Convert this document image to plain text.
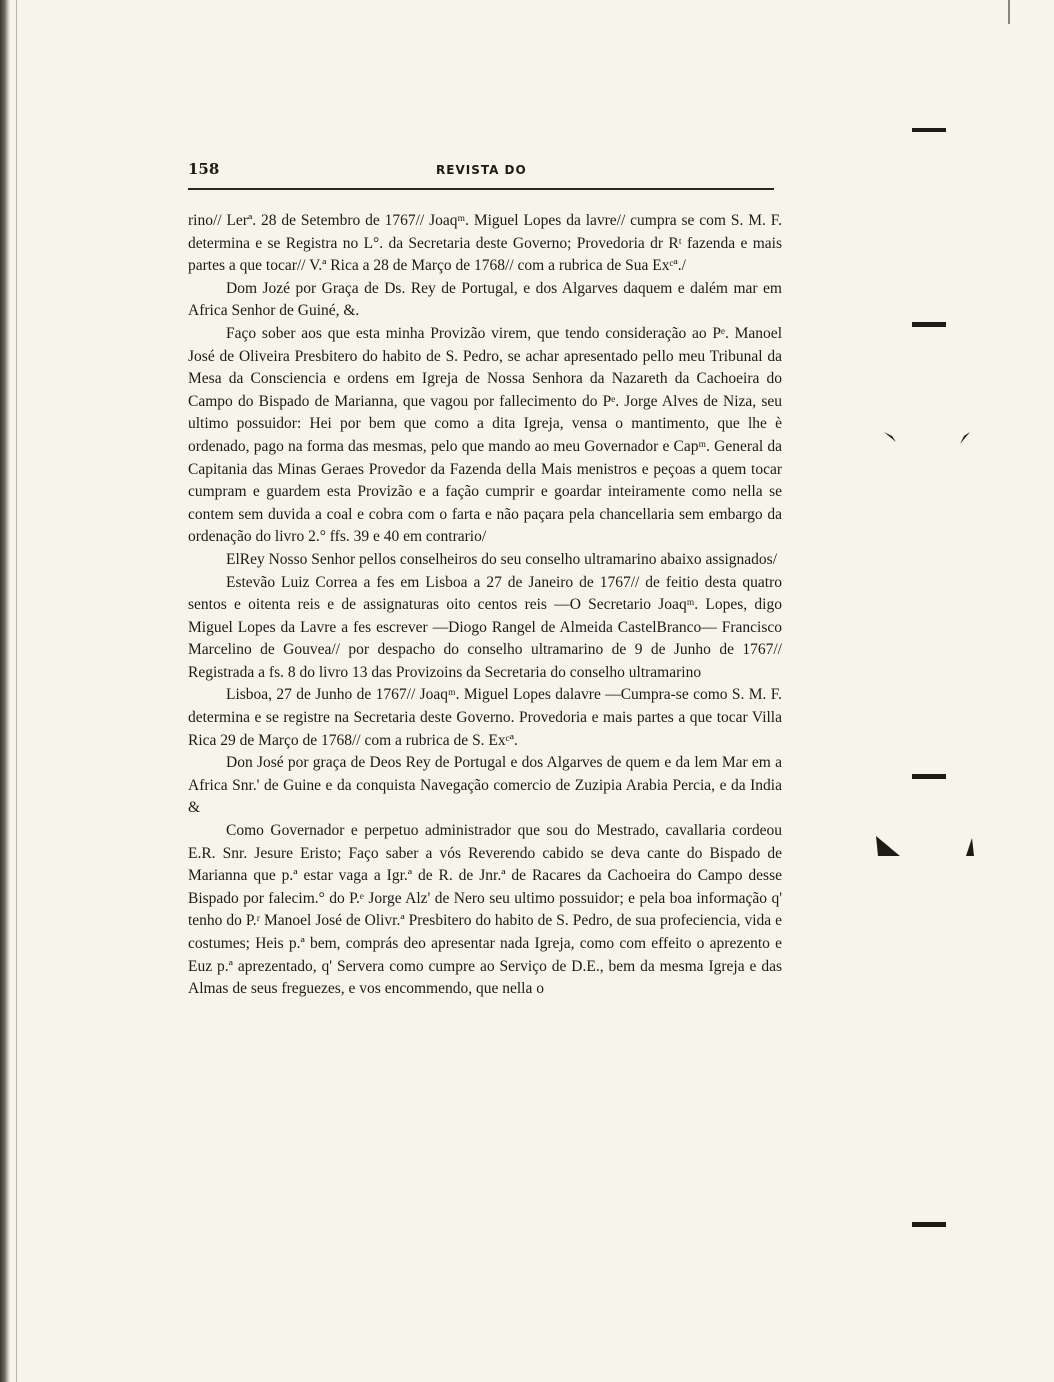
158	REVISTA DO

rino// Lerª. 28 de Setembro de 1767// Joaqᵐ. Miguel Lopes da lavre// cumpra se com S. M. F. determina e se Registra no L°. da Secretaria deste Governo; Provedoria dr Rᵗ fazenda e mais partes a que tocar// V.ª Rica a 28 de Março de 1768// com a rubrica de Sua Exᶜª./

Dom Jozé por Graça de Ds. Rey de Portugal, e dos Algarves daquem e dalém mar em Africa Senhor de Guiné, &.

Faço sober aos que esta minha Provizão virem, que tendo consideração ao Pᵉ. Manoel José de Oliveira Presbitero do habito de S. Pedro, se achar apresentado pello meu Tribunal da Mesa da Consciencia e ordens em Igreja de Nossa Senhora da Nazareth da Cachoeira do Campo do Bispado de Marianna, que vagou por fallecimento do Pᵉ. Jorge Alves de Niza, seu ultimo possuidor: Hei por bem que como a dita Igreja, vensa o mantimento, que lhe è ordenado, pago na forma das mesmas, pelo que mando ao meu Governador e Capᵐ. General da Capitania das Minas Geraes Provedor da Fazenda della Mais menistros e peçoas a quem tocar cumpram e guardem esta Provizão e a fação cumprir e goardar inteiramente como nella se contem sem duvida a coal e cobra com o farta e não paçara pela chancellaria sem embargo da ordenação do livro 2.° ffs. 39 e 40 em contrario/

ElRey Nosso Senhor pellos conselheiros do seu conselho ultramarino abaixo assignados/

Estevão Luiz Correa a fes em Lisboa a 27 de Janeiro de 1767// de feitio desta quatro sentos e oitenta reis e de assignaturas oito centos reis —O Secretario Joaqᵐ. Lopes, digo Miguel Lopes da Lavre a fes escrever —Diogo Rangel de Almeida CastelBranco— Francisco Marcelino de Gouvea// por despacho do conselho ultramarino de 9 de Junho de 1767// Registrada a fs. 8 do livro 13 das Provizoins da Secretaria do conselho ultramarino

Lisboa, 27 de Junho de 1767// Joaqᵐ. Miguel Lopes dalavre —Cumpra-se como S. M. F. determina e se registre na Secretaria deste Governo. Provedoria e mais partes a que tocar Villa Rica 29 de Março de 1768// com a rubrica de S. Exᶜª.

Don José por graça de Deos Rey de Portugal e dos Algarves de quem e da lem Mar em a Africa Snr.' de Guine e da conquista Navegação comercio de Zuzipia Arabia Percia, e da India &

Como Governador e perpetuo administrador que sou do Mestrado, cavallaria cordeou E.R. Snr. Jesure Eristo; Faço saber a vós Reverendo cabido se deva cante do Bispado de Marianna que p.ª estar vaga a Igr.ª de R. de Jnr.ª de Racares da Cachoeira do Campo desse Bispado por falecim.° do P.ᵉ Jorge Alz' de Nero seu ultimo possuidor; e pela boa informação q' tenho do P.ʳ Manoel José de Olivr.ª Presbitero do habito de S. Pedro, de sua profeciencia, vida e costumes; Heis p.ª bem, comprás deo apresentar nada Igreja, como com effeito o aprezento e Euz p.ª aprezentado, q' Servera como cumpre ao Serviço de D.E., bem da mesma Igreja e das Almas de seus freguezes, e vos encommendo, que nella o
